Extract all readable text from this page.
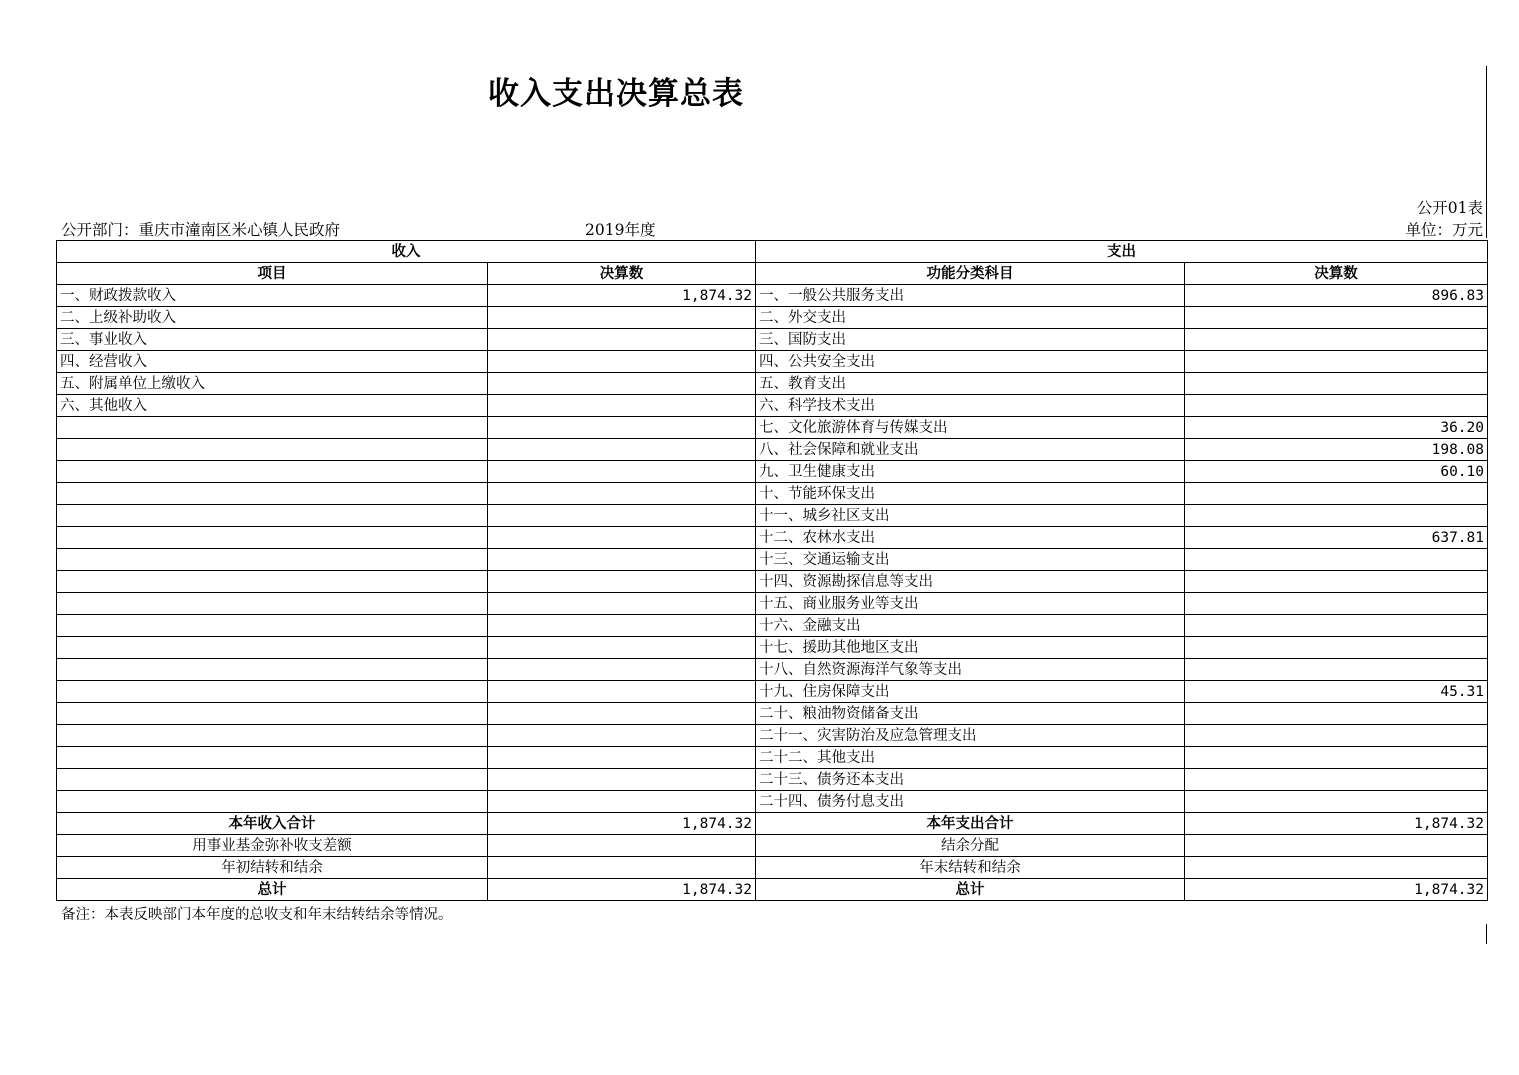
收入支出决算总表
公开01表
公开部门：重庆市潼南区米心镇人民政府	2019年度	单位：万元
收入		支出	
项目	决算数	功能分类科目	决算数
一、财政拨款收入	1,874.32	一、一般公共服务支出	896.83
二、上级补助收入		二、外交支出	
三、事业收入		三、国防支出	
四、经营收入		四、公共安全支出	
五、附属单位上缴收入		五、教育支出	
六、其他收入		六、科学技术支出	
		七、文化旅游体育与传媒支出	36.20
		八、社会保障和就业支出	198.08
		九、卫生健康支出	60.10
		十、节能环保支出	
		十一、城乡社区支出	
		十二、农林水支出	637.81
		十三、交通运输支出	
		十四、资源勘探信息等支出	
		十五、商业服务业等支出	
		十六、金融支出	
		十七、援助其他地区支出	
		十八、自然资源海洋气象等支出	
		十九、住房保障支出	45.31
		二十、粮油物资储备支出	
		二十一、灾害防治及应急管理支出	
		二十二、其他支出	
		二十三、债务还本支出	
		二十四、债务付息支出	
本年收入合计	1,874.32	本年支出合计	1,874.32
用事业基金弥补收支差额		结余分配	
年初结转和结余		年末结转和结余	
总计	1,874.32	总计	1,874.32
备注：本表反映部门本年度的总收支和年末结转结余等情况。
